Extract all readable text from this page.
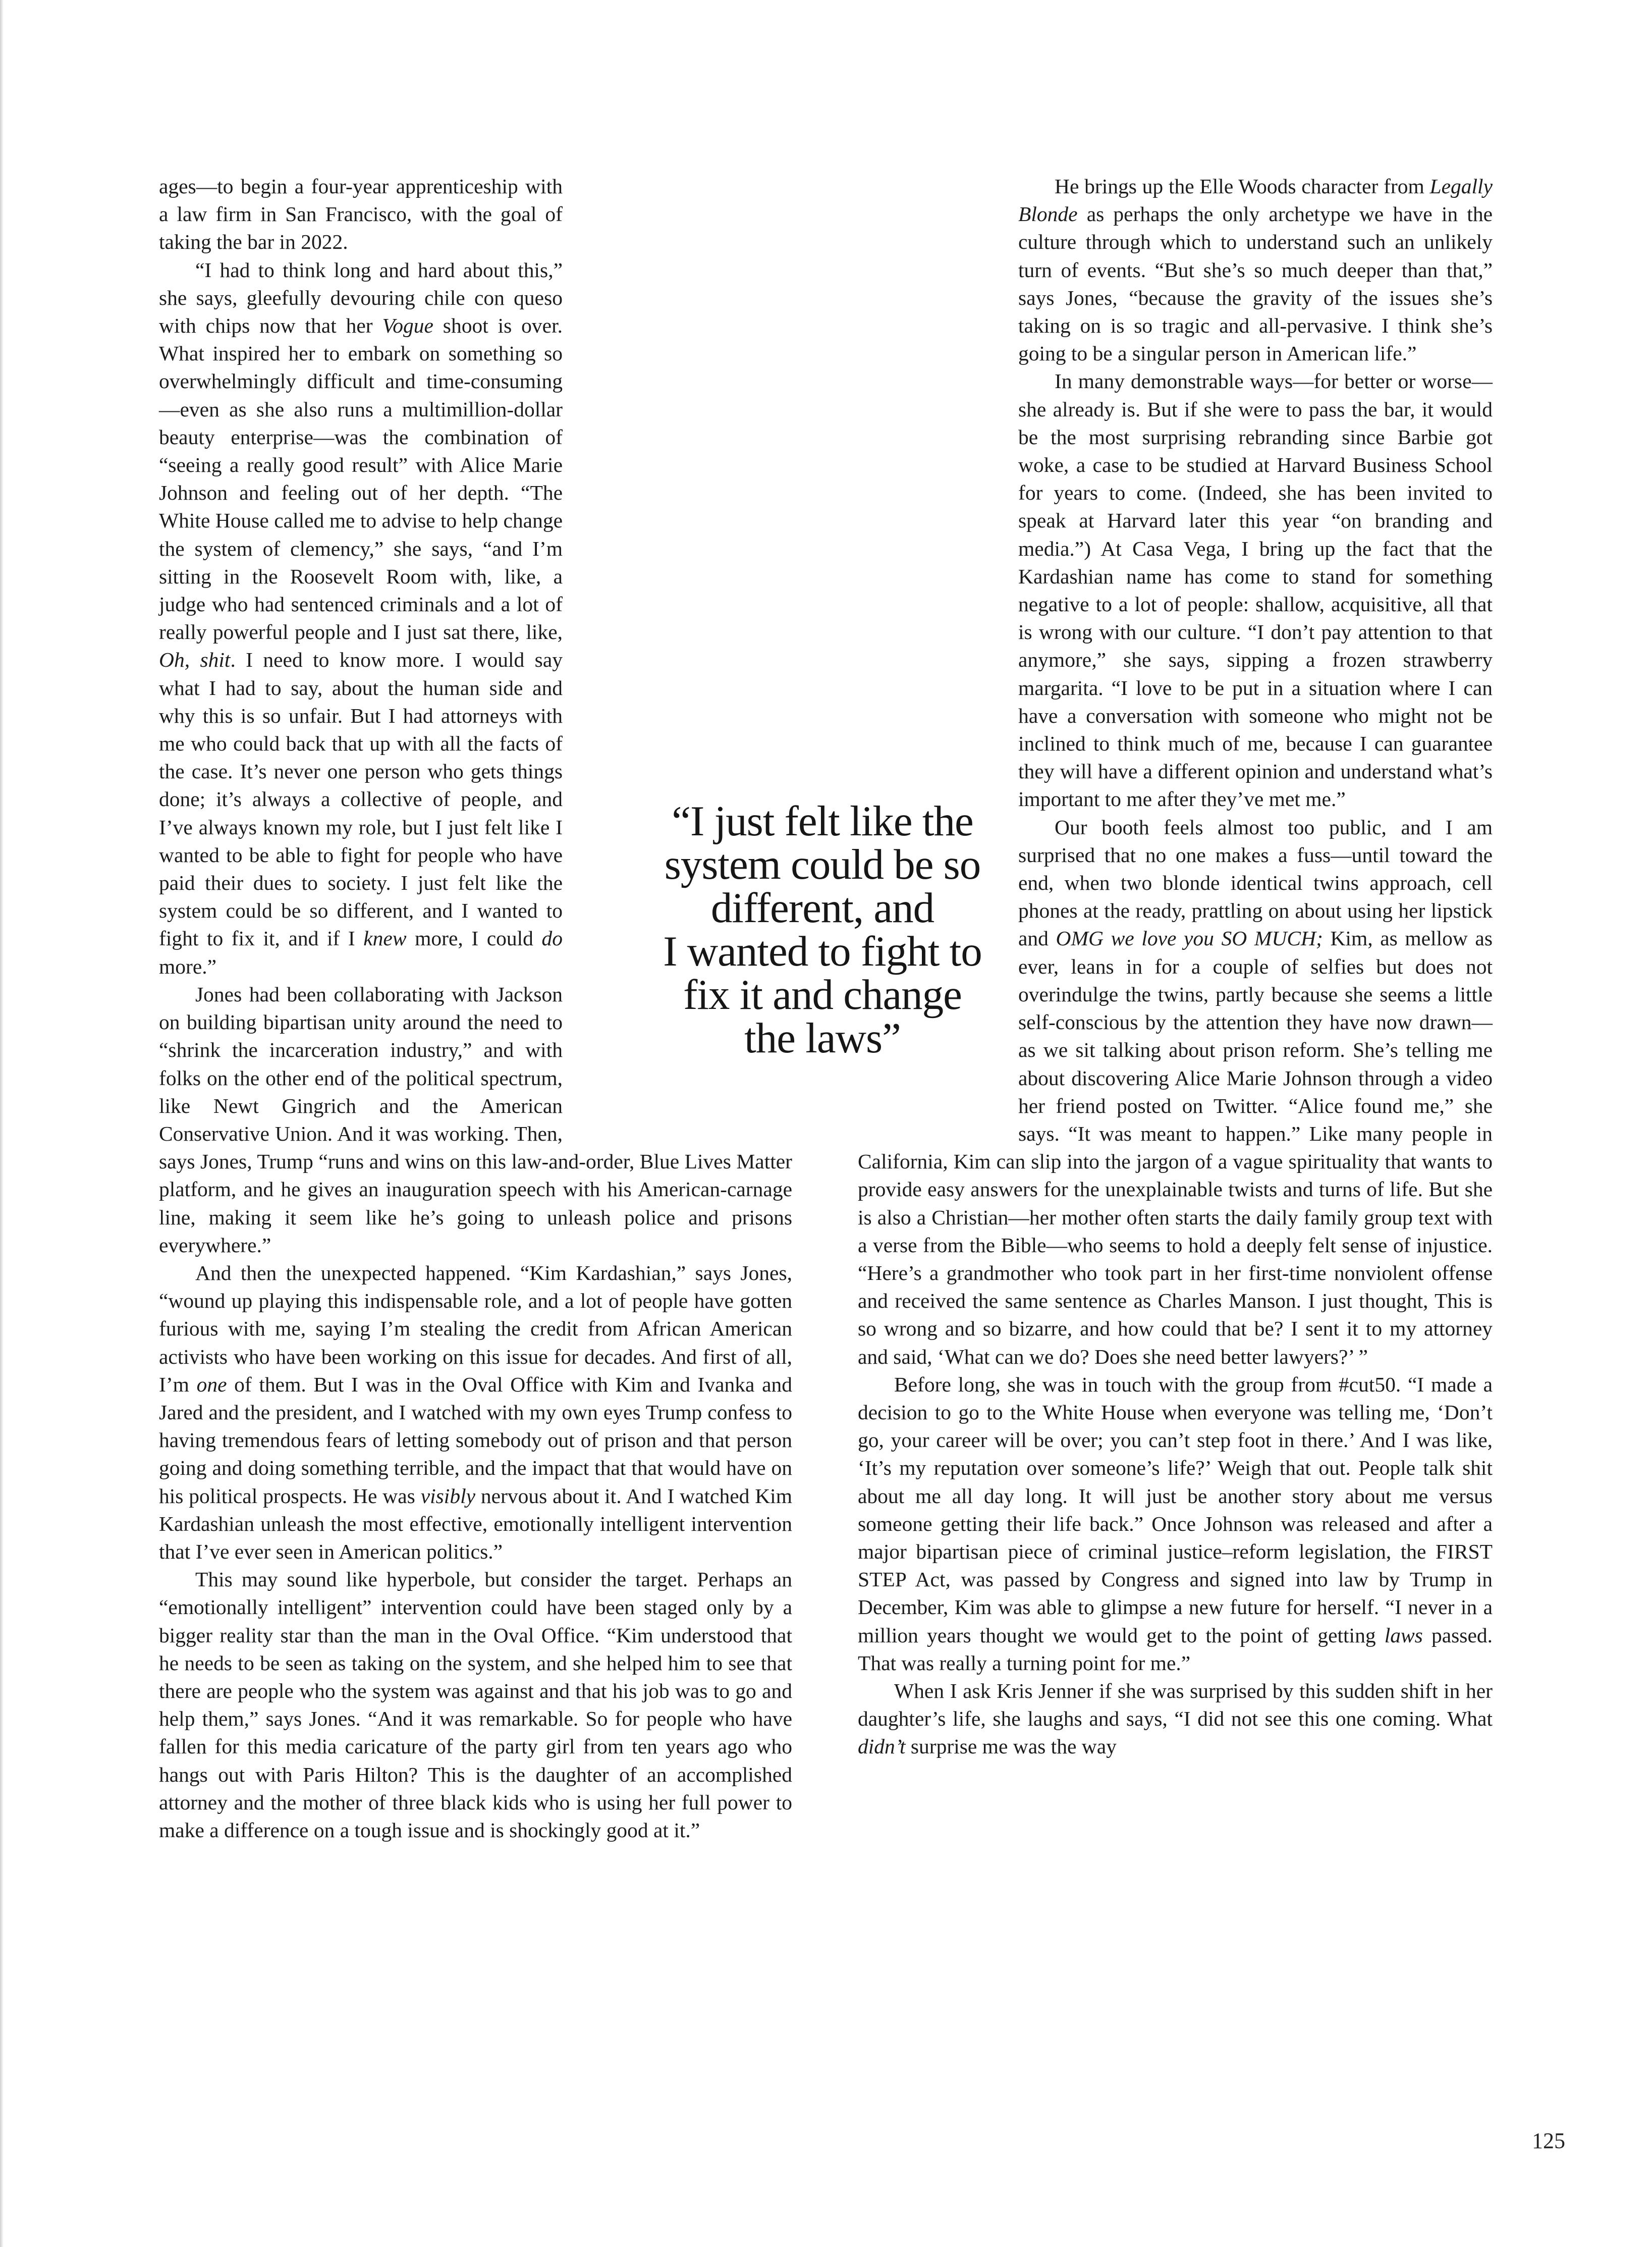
ages—to begin a four-year apprenticeship with a law firm in San Francisco, with the goal of taking the bar in 2022.

“I had to think long and hard about this,” she says, gleefully devouring chile con queso with chips now that her Vogue shoot is over. What inspired her to embark on something so overwhelmingly difficult and time-consuming—even as she also runs a multimillion-dollar beauty enterprise—was the combination of “seeing a really good result” with Alice Marie Johnson and feeling out of her depth. “The White House called me to advise to help change the system of clemency,” she says, “and I’m sitting in the Roosevelt Room with, like, a judge who had sentenced criminals and a lot of really powerful people and I just sat there, like, Oh, shit. I need to know more. I would say what I had to say, about the human side and why this is so unfair. But I had attorneys with me who could back that up with all the facts of the case. It’s never one person who gets things done; it’s always a collective of people, and I’ve always known my role, but I just felt like I wanted to be able to fight for people who have paid their dues to society. I just felt like the system could be so different, and I wanted to fight to fix it, and if I knew more, I could do more.”

Jones had been collaborating with Jackson on building bipartisan unity around the need to “shrink the incarceration industry,” and with folks on the other end of the political spectrum, like Newt Gingrich and the American Conservative Union. And it was working. Then, says Jones, Trump “runs and wins on this law-and-order, Blue Lives Matter platform, and he gives an inauguration speech with his American-carnage line, making it seem like he’s going to unleash police and prisons everywhere.”

And then the unexpected happened. “Kim Kardashian,” says Jones, “wound up playing this indispensable role, and a lot of people have gotten furious with me, saying I’m stealing the credit from African American activists who have been working on this issue for decades. And first of all, I’m one of them. But I was in the Oval Office with Kim and Ivanka and Jared and the president, and I watched with my own eyes Trump confess to having tremendous fears of letting somebody out of prison and that person going and doing something terrible, and the impact that that would have on his political prospects. He was visibly nervous about it. And I watched Kim Kardashian unleash the most effective, emotionally intelligent intervention that I’ve ever seen in American politics.”

This may sound like hyperbole, but consider the target. Perhaps an “emotionally intelligent” intervention could have been staged only by a bigger reality star than the man in the Oval Office. “Kim understood that he needs to be seen as taking on the system, and she helped him to see that there are people who the system was against and that his job was to go and help them,” says Jones. “And it was remarkable. So for people who have fallen for this media caricature of the party girl from ten years ago who hangs out with Paris Hilton? This is the daughter of an accomplished attorney and the mother of three black kids who is using her full power to make a difference on a tough issue and is shockingly good at it.”

He brings up the Elle Woods character from Legally Blonde as perhaps the only archetype we have in the culture through which to understand such an unlikely turn of events. “But she’s so much deeper than that,” says Jones, “because the gravity of the issues she’s taking on is so tragic and all-pervasive. I think she’s going to be a singular person in American life.”

In many demonstrable ways—for better or worse—she already is. But if she were to pass the bar, it would be the most surprising rebranding since Barbie got woke, a case to be studied at Harvard Business School for years to come. (Indeed, she has been invited to speak at Harvard later this year “on branding and media.”) At Casa Vega, I bring up the fact that the Kardashian name has come to stand for something negative to a lot of people: shallow, acquisitive, all that is wrong with our culture. “I don’t pay attention to that anymore,” she says, sipping a frozen strawberry margarita. “I love to be put in a situation where I can have a conversation with someone who might not be inclined to think much of me, because I can guarantee they will have a different opinion and understand what’s important to me after they’ve met me.”

Our booth feels almost too public, and I am surprised that no one makes a fuss—until toward the end, when two blonde identical twins approach, cell phones at the ready, prattling on about using her lipstick and OMG we love you SO MUCH; Kim, as mellow as ever, leans in for a couple of selfies but does not overindulge the twins, partly because she seems a little self-conscious by the attention they have now drawn—as we sit talking about prison reform. She’s telling me about discovering Alice Marie Johnson through a video her friend posted on Twitter. “Alice found me,” she says. “It was meant to happen.” Like many people in California, Kim can slip into the jargon of a vague spirituality that wants to provide easy answers for the unexplainable twists and turns of life. But she is also a Christian—her mother often starts the daily family group text with a verse from the Bible—who seems to hold a deeply felt sense of injustice. “Here’s a grandmother who took part in her first-time nonviolent offense and received the same sentence as Charles Manson. I just thought, This is so wrong and so bizarre, and how could that be? I sent it to my attorney and said, ‘What can we do? Does she need better lawyers?’ ”

Before long, she was in touch with the group from #cut50. “I made a decision to go to the White House when everyone was telling me, ‘Don’t go, your career will be over; you can’t step foot in there.’ And I was like, ‘It’s my reputation over someone’s life?’ Weigh that out. People talk shit about me all day long. It will just be another story about me versus someone getting their life back.” Once Johnson was released and after a major bipartisan piece of criminal justice–reform legislation, the FIRST STEP Act, was passed by Congress and signed into law by Trump in December, Kim was able to glimpse a new future for herself. “I never in a million years thought we would get to the point of getting laws passed. That was really a turning point for me.”

When I ask Kris Jenner if she was surprised by this sudden shift in her daughter’s life, she laughs and says, “I did not see this one coming. What didn’t surprise me was the way

“I just felt like the
system could be so
different, and
I wanted to fight to
fix it and change
the laws”
125
